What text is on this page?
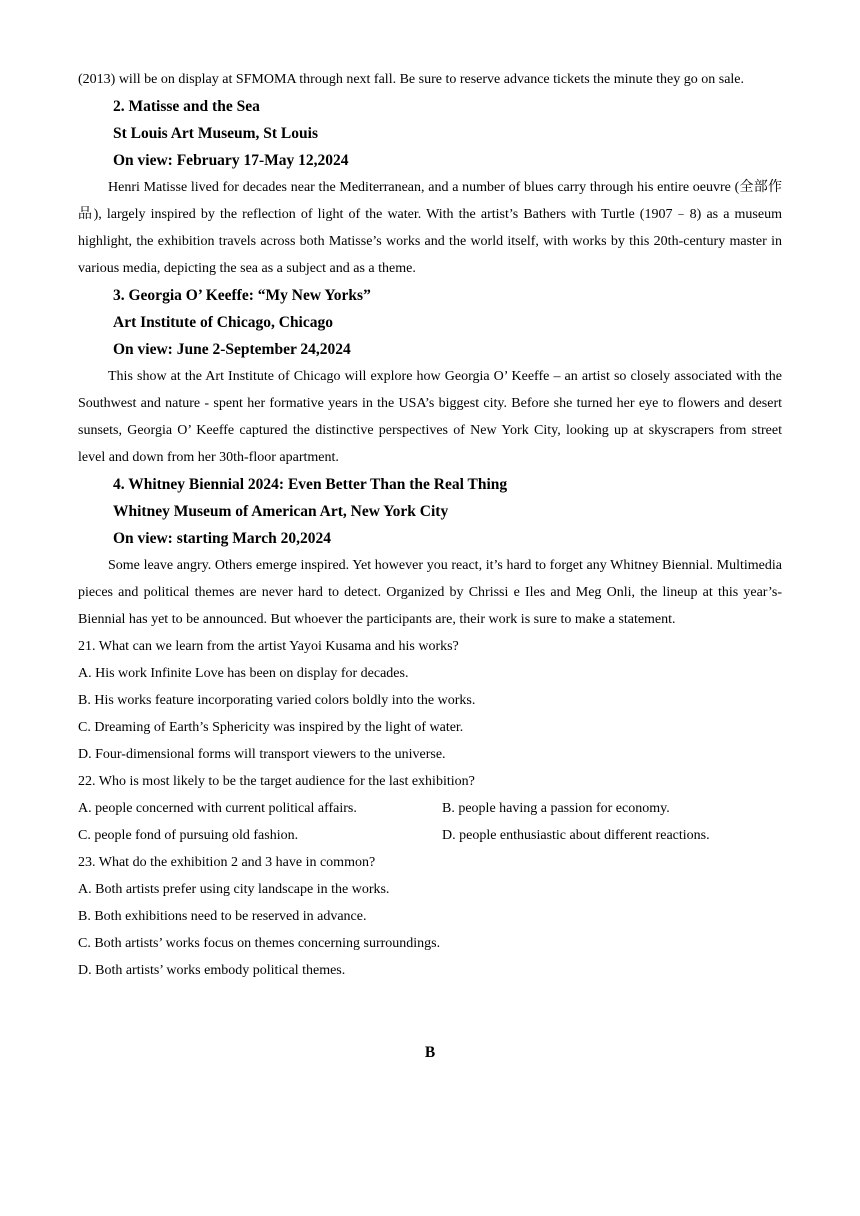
(2013) will be on display at SFMOMA through next fall. Be sure to reserve advance tickets the minute they go on sale.
2. Matisse and the Sea
St Louis Art Museum, St Louis
On view: February 17-May 12,2024
Henri Matisse lived for decades near the Mediterranean, and a number of blues carry through his entire oeuvre (全部作品), largely inspired by the reflection of light of the water. With the artist’s Bathers with Turtle (1907﹣8) as a museum highlight, the exhibition travels across both Matisse’s works and the world itself, with works by this 20th-century master in various media, depicting the sea as a subject and as a theme.
3. Georgia O’ Keeffe: “My New Yorks”
Art Institute of Chicago, Chicago
On view: June 2-September 24,2024
This show at the Art Institute of Chicago will explore how Georgia O’ Keeffe – an artist so closely associated with the Southwest and nature - spent her formative years in the USA’s biggest city. Before she turned her eye to flowers and desert sunsets, Georgia O’ Keeffe captured the distinctive perspectives of New York City, looking up at skyscrapers from street level and down from her 30th-floor apartment.
4. Whitney Biennial 2024: Even Better Than the Real Thing
Whitney Museum of American Art, New York City
On view: starting March 20,2024
Some leave angry. Others emerge inspired. Yet however you react, it’s hard to forget any Whitney Biennial. Multimedia pieces and political themes are never hard to detect. Organized by Chrissi e Iles and Meg Onli, the lineup at this year’s-Biennial has yet to be announced. But whoever the participants are, their work is sure to make a statement.
21. What can we learn from the artist Yayoi Kusama and his works?
A. His work Infinite Love has been on display for decades.
B. His works feature incorporating varied colors boldly into the works.
C. Dreaming of Earth’s Sphericity was inspired by the light of water.
D. Four-dimensional forms will transport viewers to the universe.
22. Who is most likely to be the target audience for the last exhibition?
A. people concerned with current political affairs.	B. people having a passion for economy.
C. people fond of pursuing old fashion.	D. people enthusiastic about different reactions.
23. What do the exhibition 2 and 3 have in common?
A. Both artists prefer using city landscape in the works.
B. Both exhibitions need to be reserved in advance.
C. Both artists’ works focus on themes concerning surroundings.
D. Both artists’ works embody political themes.
B
